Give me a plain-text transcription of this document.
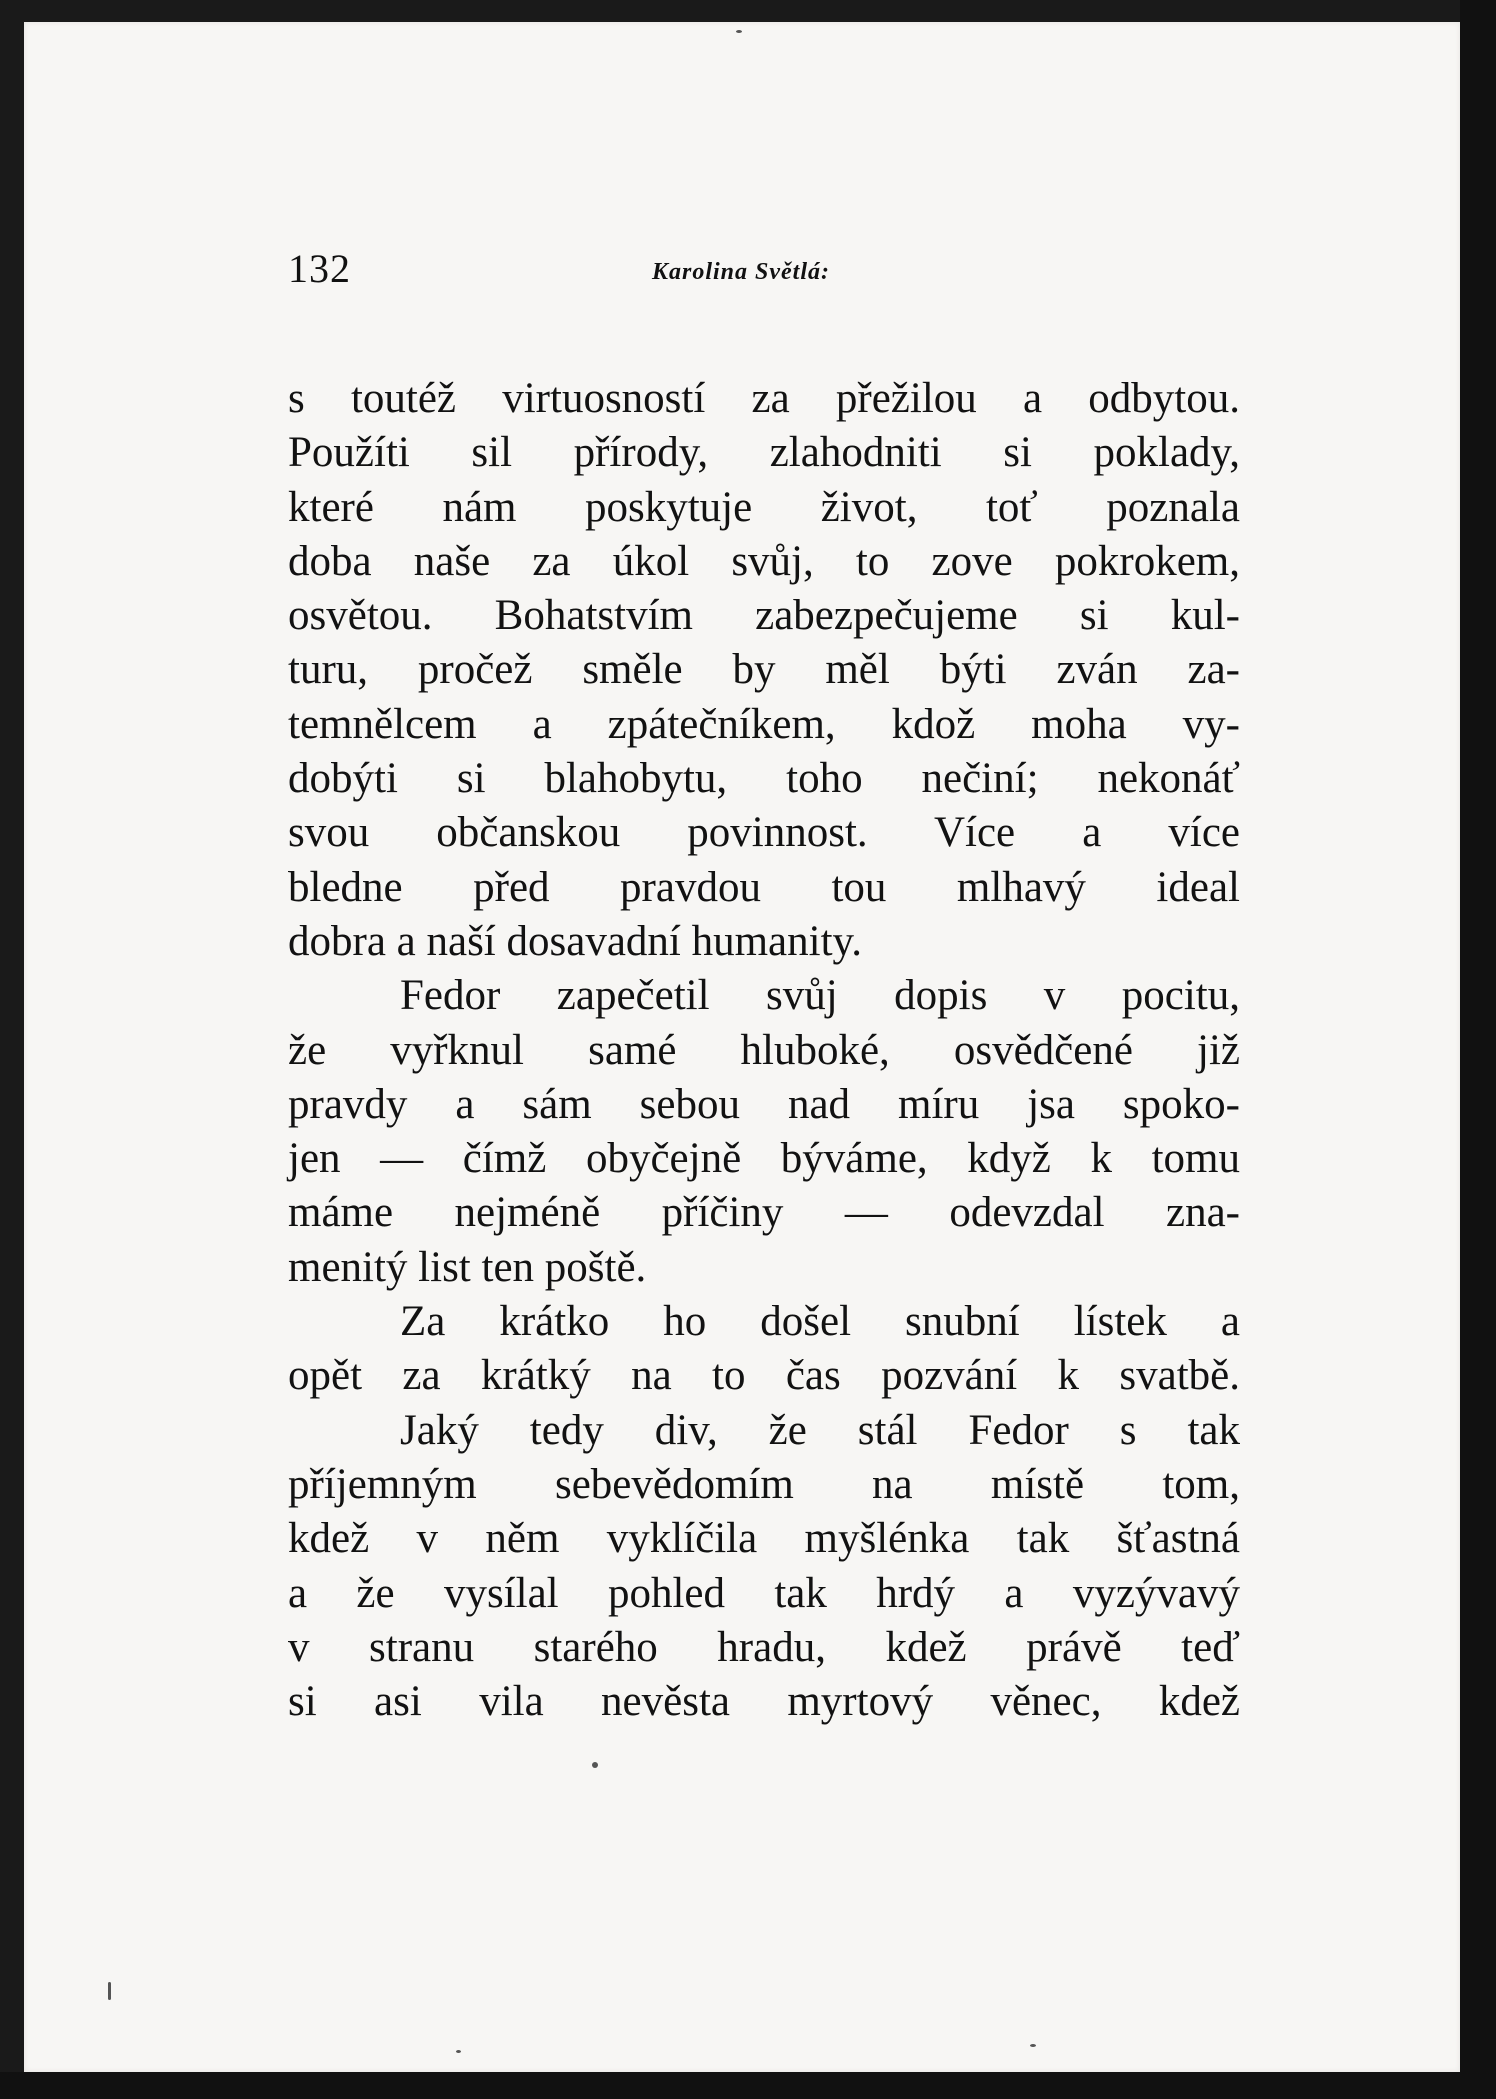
132	Karolina Světlá:
s toutéž virtuosností za přežilou a odbytou.
Použíti sil přírody, zlahodniti si poklady,
které nám poskytuje život, toť poznala
doba naše za úkol svůj, to zove pokrokem,
osvětou. Bohatstvím zabezpečujeme si kul-
turu, pročež směle by měl býti zván za-
temnělcem a zpátečníkem, kdož moha vy-
dobýti si blahobytu, toho nečiní; nekonáť
svou občanskou povinnost. Více a více
bledne před pravdou tou mlhavý ideal
dobra a naší dosavadní humanity.
Fedor zapečetil svůj dopis v pocitu,
že vyřknul samé hluboké, osvědčené již
pravdy a sám sebou nad míru jsa spoko-
jen — čímž obyčejně býváme, když k tomu
máme nejméně příčiny — odevzdal zna-
menitý list ten poště.
Za krátko ho došel snubní lístek a
opět za krátký na to čas pozvání k svatbě.
Jaký tedy div, že stál Fedor s tak
příjemným sebevědomím na místě tom,
kdež v něm vyklíčila myšlénka tak šťastná
a že vysílal pohled tak hrdý a vyzývavý
v stranu starého hradu, kdež právě teď
si asi vila nevěsta myrtový věnec, kdež
